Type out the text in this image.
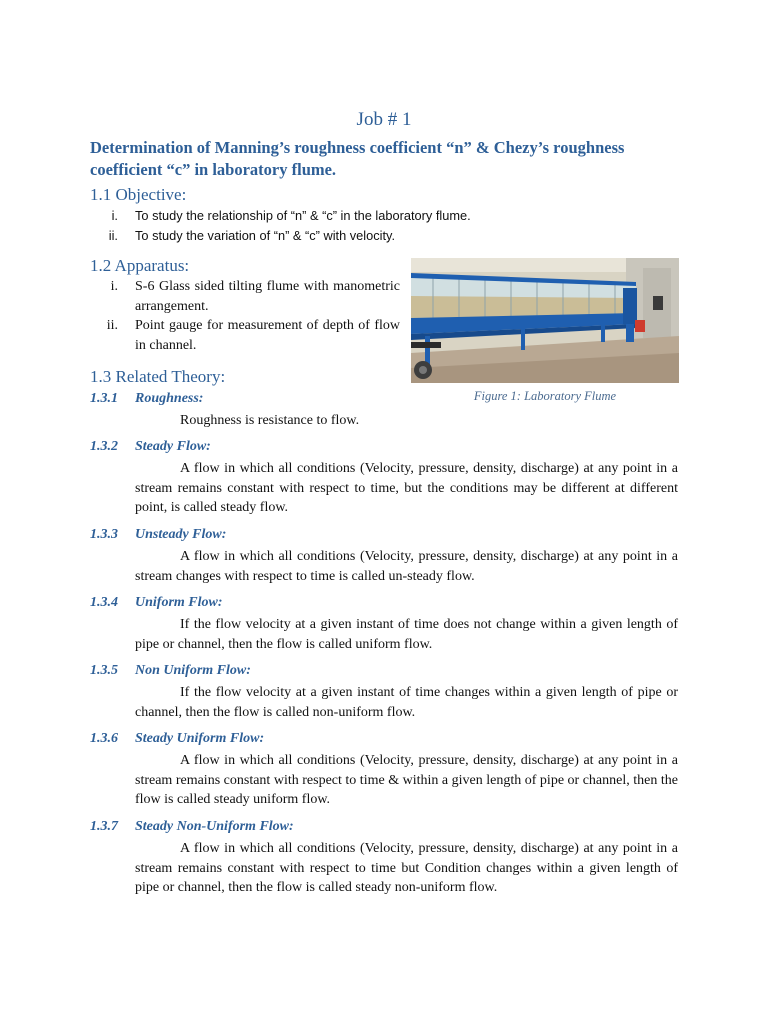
Job # 1
Determination of Manning’s roughness coefficient “n” & Chezy’s roughness coefficient “c” in laboratory flume.
1.1 Objective:
i. To study the relationship of “n” & “c” in the laboratory flume.
ii. To study the variation of “n” & “c” with velocity.
1.2 Apparatus:
i. S-6 Glass sided tilting flume with manometric arrangement.
ii. Point gauge for measurement of depth of flow in channel.
Figure 1: Laboratory Flume
1.3 Related Theory:
1.3.1 Roughness:
Roughness is resistance to flow.
1.3.2 Steady Flow:
A flow in which all conditions (Velocity, pressure, density, discharge) at any point in a stream remains constant with respect to time, but the conditions may be different at different point, is called steady flow.
1.3.3 Unsteady Flow:
A flow in which all conditions (Velocity, pressure, density, discharge) at any point in a stream changes with respect to time is called un-steady flow.
1.3.4 Uniform Flow:
If the flow velocity at a given instant of time does not change within a given length of pipe or channel, then the flow is called uniform flow.
1.3.5 Non Uniform Flow:
If the flow velocity at a given instant of time changes within a given length of pipe or channel, then the flow is called non-uniform flow.
1.3.6 Steady Uniform Flow:
A flow in which all conditions (Velocity, pressure, density, discharge) at any point in a stream remains constant with respect to time & within a given length of pipe or channel, then the flow is called steady uniform flow.
1.3.7 Steady Non-Uniform Flow:
A flow in which all conditions (Velocity, pressure, density, discharge) at any point in a stream remains constant with respect to time but Condition changes within a given length of pipe or channel, then the flow is called steady non-uniform flow.
